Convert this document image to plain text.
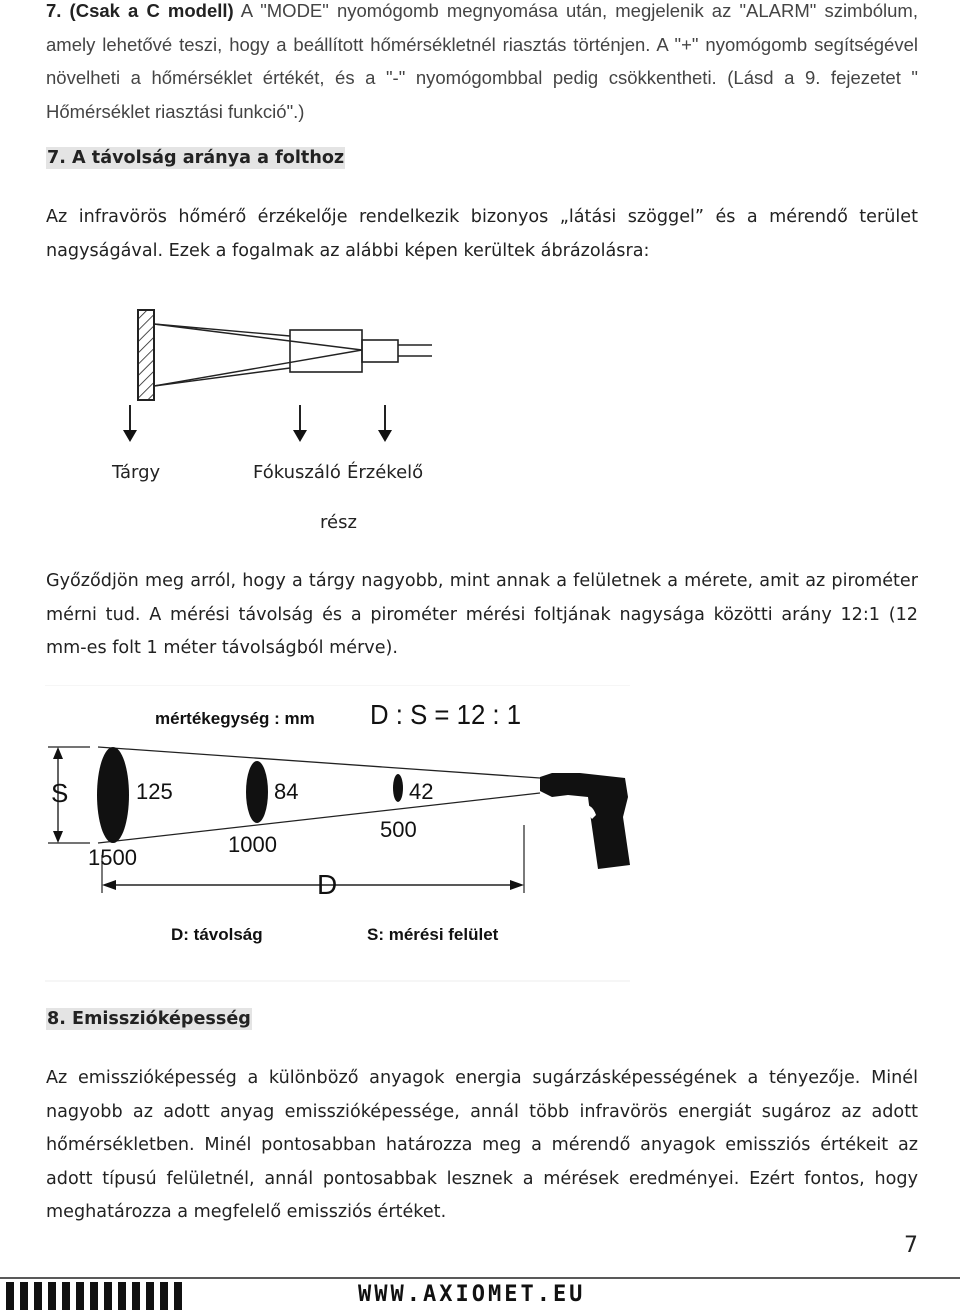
7. (Csak a C modell) A "MODE" nyomógomb megnyomása után, megjelenik az "ALARM" szimbólum, amely lehetővé teszi, hogy a beállított hőmérsékletnél riasztás történjen. A "+" nyomógomb segítségével növelheti a hőmérséklet értékét, és a "-" nyomógombbal pedig csökkentheti. (Lásd a 9. fejezetet " Hőmérséklet riasztási funkció".)

7. A távolság aránya a folthoz

Az infravörös hőmérő érzékelője rendelkezik bizonyos „látási szöggel” és a mérendő terület nagyságával. Ezek a fogalmak az alábbi képen kerültek ábrázolásra:

Tárgy	Fókuszáló Érzékelő
rész

Győződjön meg arról, hogy a tárgy nagyobb, mint annak a felületnek a mérete, amit az pirométer mérni tud. A mérési távolság és a pirométer mérési foltjának nagysága közötti arány 12:1 (12 mm-es folt 1 méter távolságból mérve).

mértékegység : mm D : S = 12 : 1
S
D
125	84	42
1500
1000
500
D: távolság	S: mérési felület
8. Emisszióképesség

Az emisszióképesség a különböző anyagok energia sugárzásképességének a tényezője. Minél nagyobb az adott anyag emisszióképessége, annál több infravörös energiát sugároz az adott hőmérsékletben. Minél pontosabban határozza meg a mérendő anyagok emissziós értékeit az adott típusú felületnél, annál pontosabbak lesznek a mérések eredményei. Ezért fontos, hogy meghatározza a megfelelő emissziós értéket.

7
WWW.AXIOMET.EU
